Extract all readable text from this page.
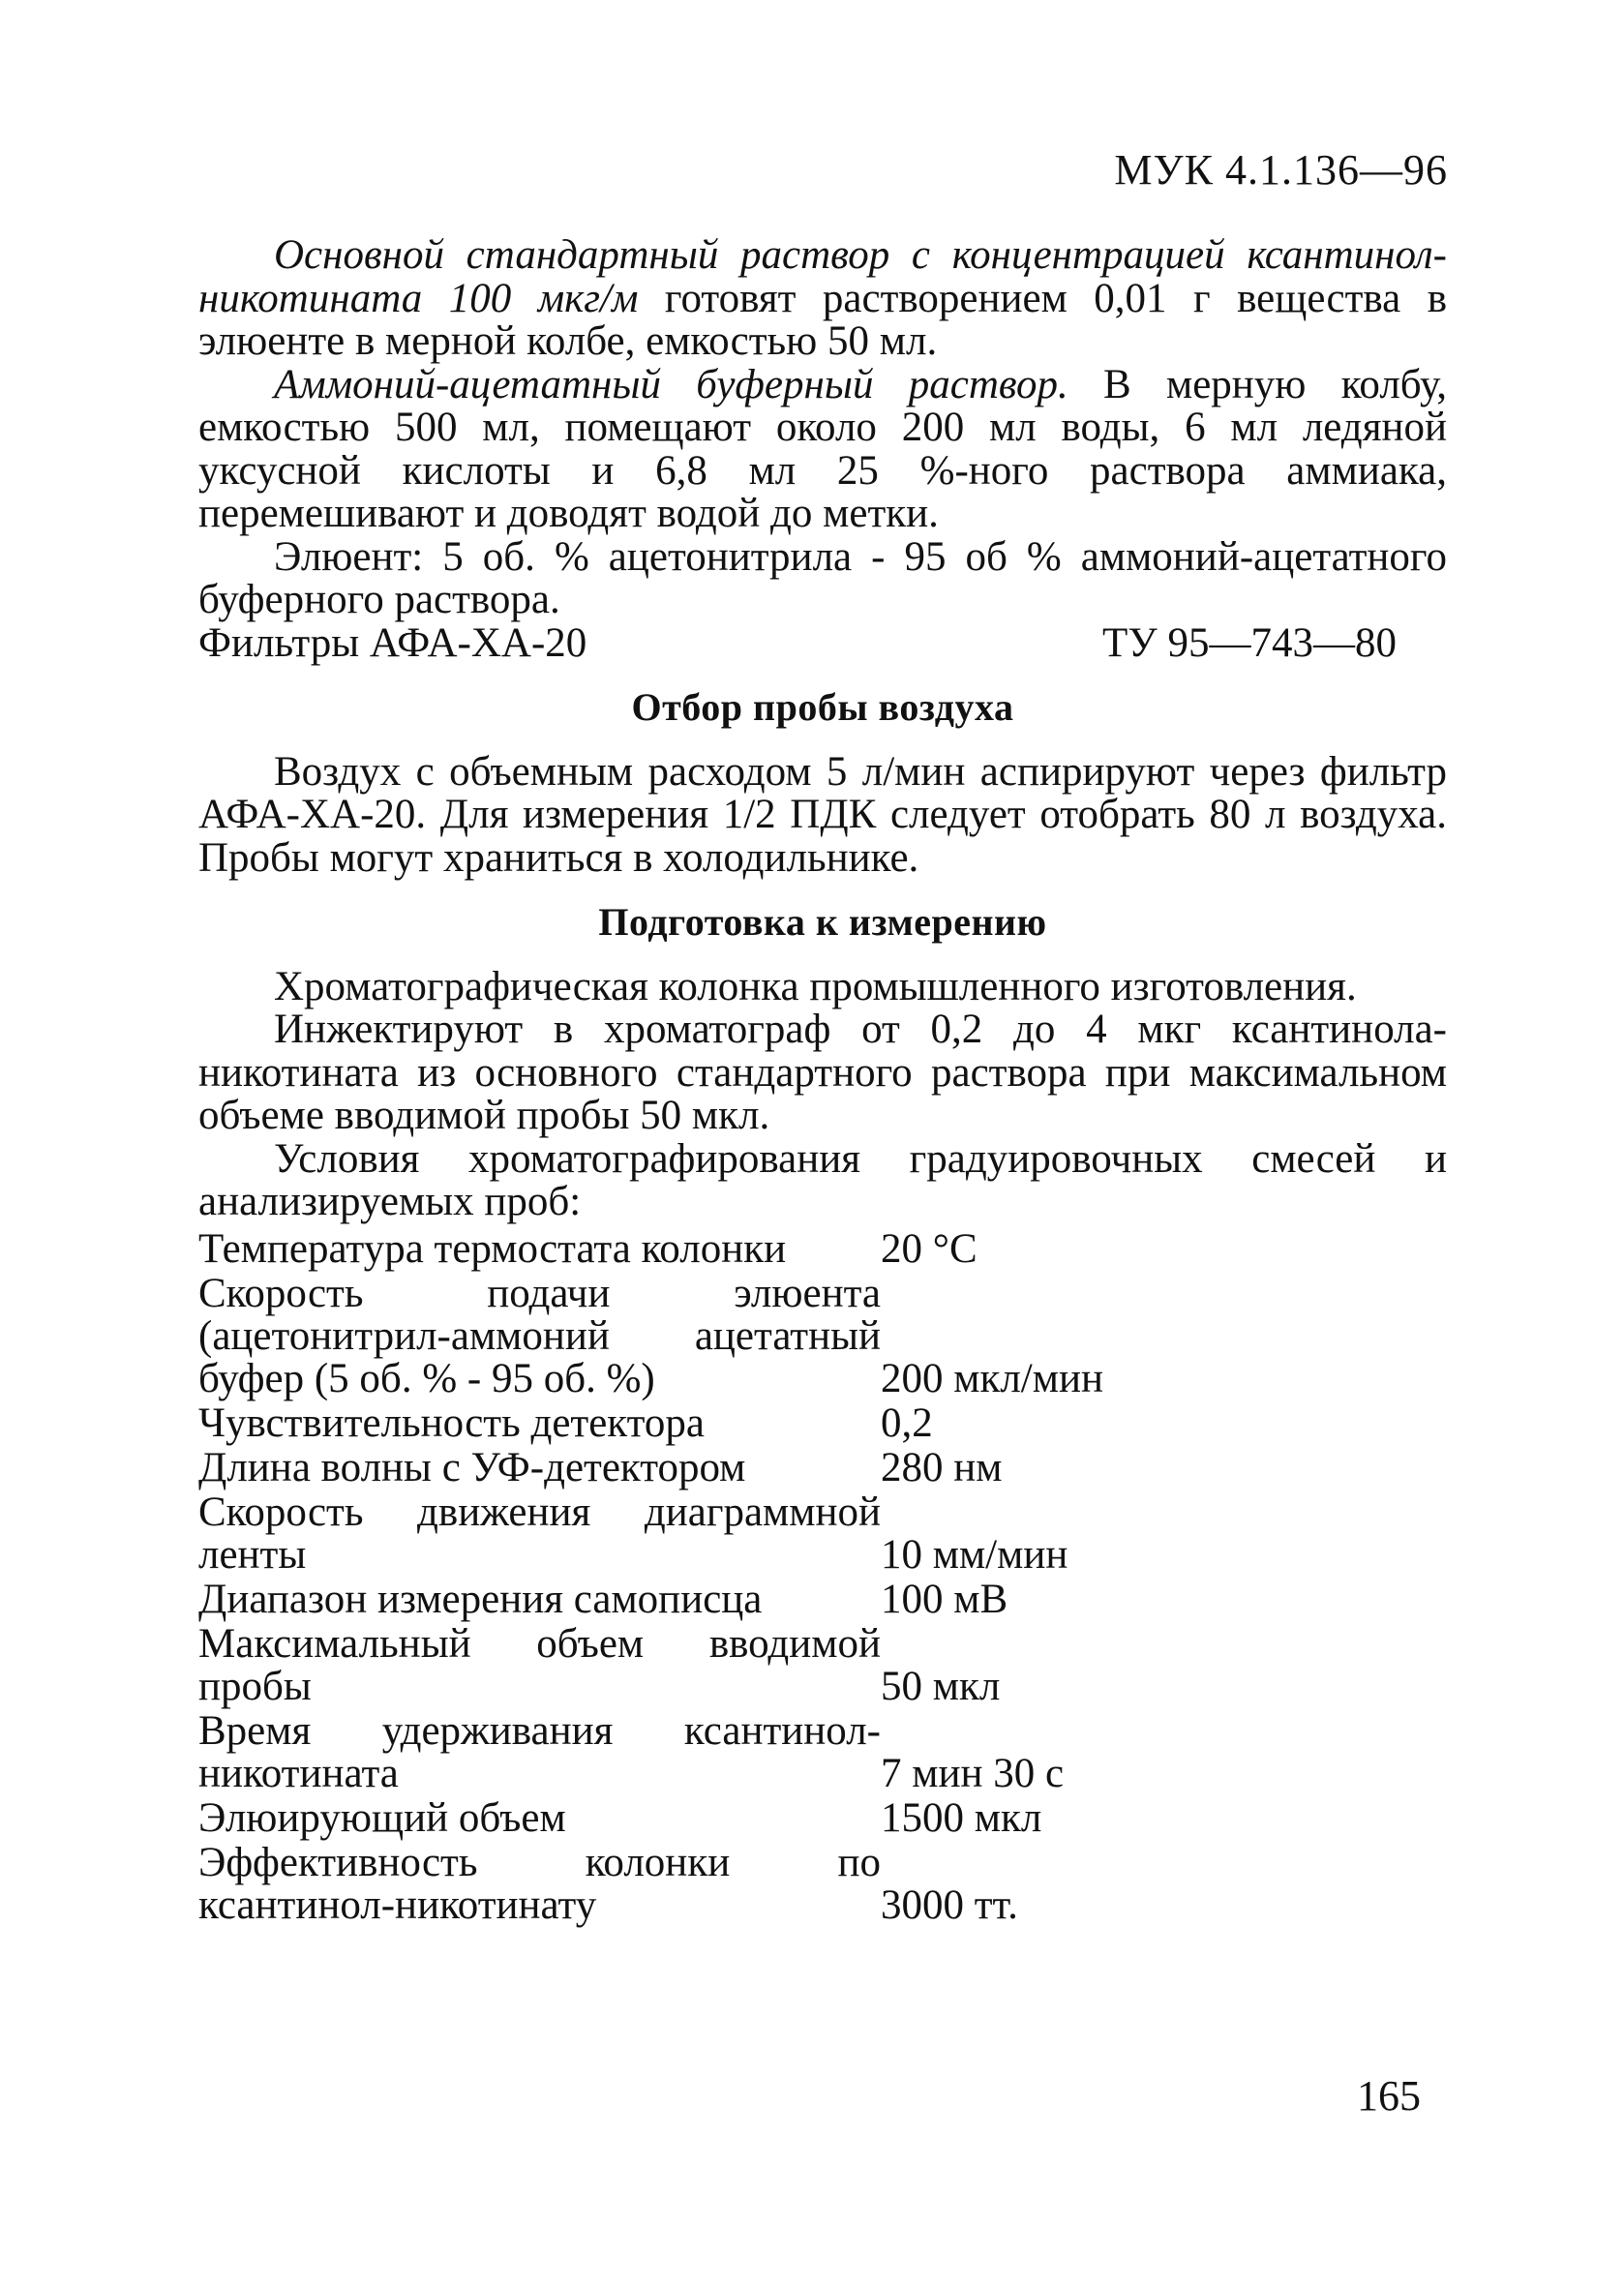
МУК 4.1.136—96

Основной стандартный раствор с концентрацией ксантинол-никотината 100 мкг/м готовят растворением 0,01 г вещества в элюенте в мерной колбе, емкостью 50 мл.

Аммоний-ацетатный буферный раствор. В мерную колбу, емкостью 500 мл, помещают около 200 мл воды, 6 мл ледяной уксусной кислоты и 6,8 мл 25 %-ного раствора аммиака, перемешивают и доводят водой до метки.

Элюент: 5 об. % ацетонитрила - 95 об % аммоний-ацетатного буферного раствора.

Фильтры АФА-ХА-20	ТУ 95—743—80
Отбор пробы воздуха

Воздух с объемным расходом 5 л/мин аспирируют через фильтр АФА-ХА-20. Для измерения 1/2 ПДК следует отобрать 80 л воздуха. Пробы могут храниться в холодильнике.

Подготовка к измерению

Хроматографическая колонка промышленного изготовления.

Инжектируют в хроматограф от 0,2 до 4 мкг ксантинола-никотината из основного стандартного раствора при максимальном объеме вводимой пробы 50 мкл.

Условия хроматографирования градуировочных смесей и анализируемых проб:

Температура термостата колонки	20 °С
Скорость подачи элюента (ацетонитрил-аммоний ацетатный буфер (5 об. % - 95 об. %)	200 мкл/мин
Чувствительность детектора	0,2
Длина волны с УФ-детектором	280 нм
Скорость движения диаграммной ленты	10 мм/мин
Диапазон измерения самописца	100 мВ
Максимальный объем вводимой пробы	50 мкл
Время удерживания ксантинол-никотината	7 мин 30 с
Элюирующий объем	1500 мкл
Эффективность колонки по ксантинол-никотинату	3000 тт.
165
